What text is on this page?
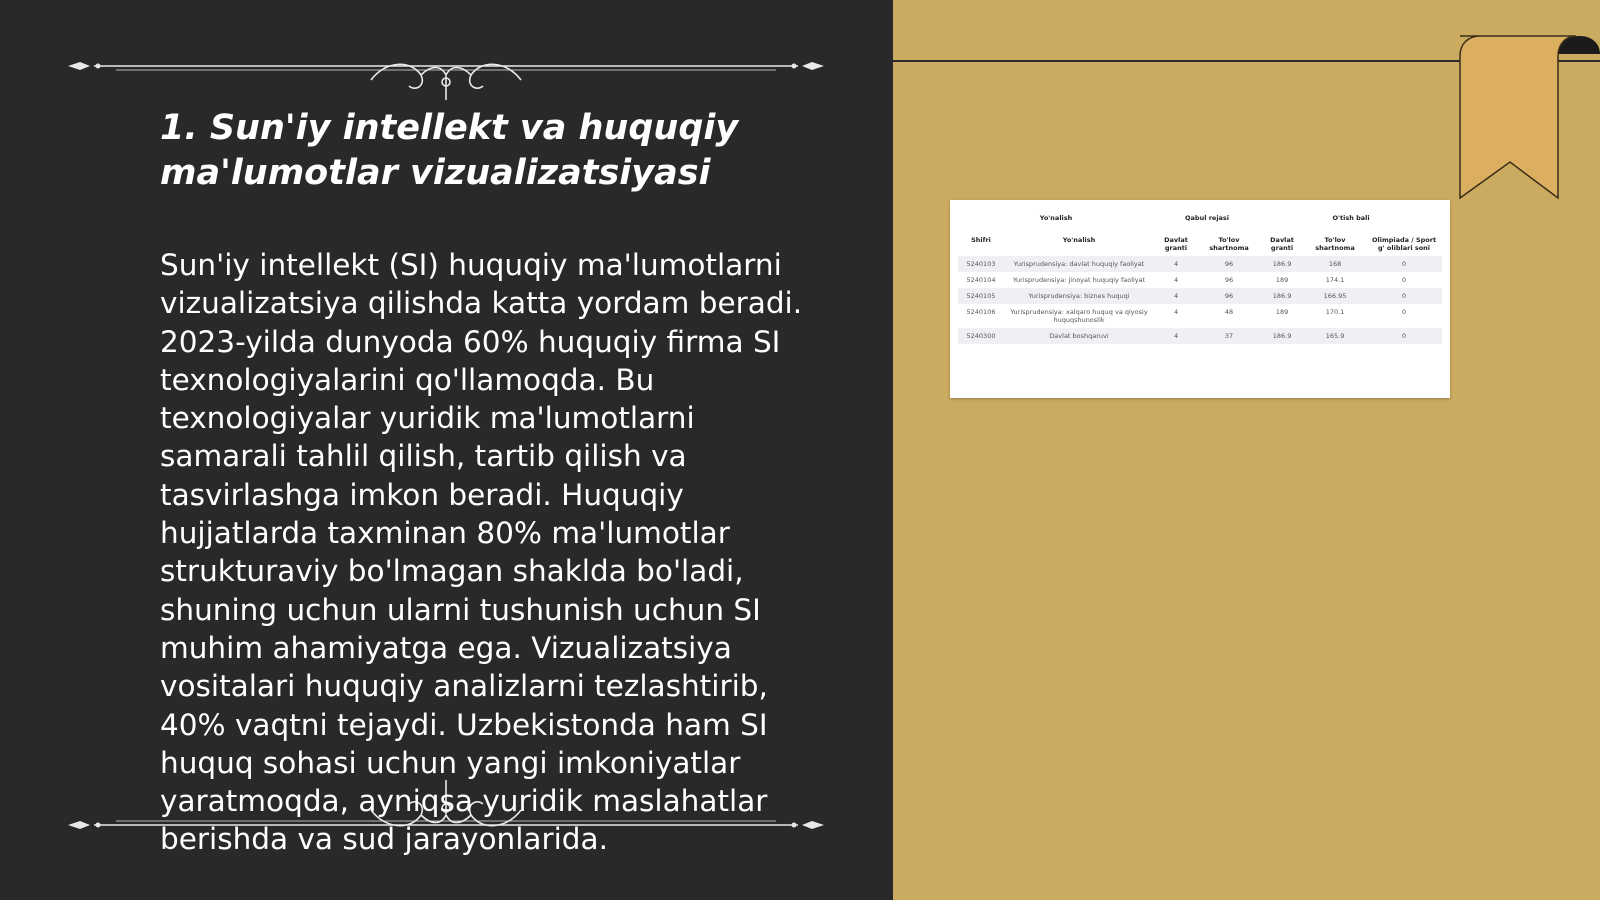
1. Sun'iy intellekt va huquqiy ma'lumotlar vizualizatsiyasi

Sun'iy intellekt (SI) huquqiy ma'lumotlarni vizualizatsiya qilishda katta yordam beradi. 2023-yilda dunyoda 60% huquqiy firma SI texnologiyalarini qo'llamoqda. Bu texnologiyalar yuridik ma'lumotlarni samarali tahlil qilish, tartib qilish va tasvirlashga imkon beradi. Huquqiy hujjatlarda taxminan 80% ma'lumotlar strukturaviy bo'lmagan shaklda bo'ladi, shuning uchun ularni tushunish uchun SI muhim ahamiyatga ega. Vizualizatsiya vositalari huquqiy analizlarni tezlashtirib, 40% vaqtni tejaydi. Uzbekistonda ham SI huquq sohasi uchun yangi imkoniyatlar yaratmoqda, ayniqsa yuridik maslahatlar berishda va sud jarayonlarida.

Yo'nalish		Qabul rejasi		O'tish bali		
Shifri	Yo'nalish	Davlat granti	To'lov shartnoma	Davlat granti	To'lov shartnoma	Olimpiada / Sport g' oliblari soni
5240103	Yurisprudensiya: davlat huquqiy faoliyat	4	96	186.9	168	0
5240104	Yurisprudensiya: jinoyat huquqiy faoliyat	4	96	189	174.1	0
5240105	Yurisprudensiya: biznes huquqi	4	96	186.9	166.95	0
5240106	Yurisprudensiya: xalqaro huquq va qiyosiy huquqshunoslik	4	48	189	170.1	0
5240300	Davlat boshqaruvi	4	37	186.9	165.9	0
